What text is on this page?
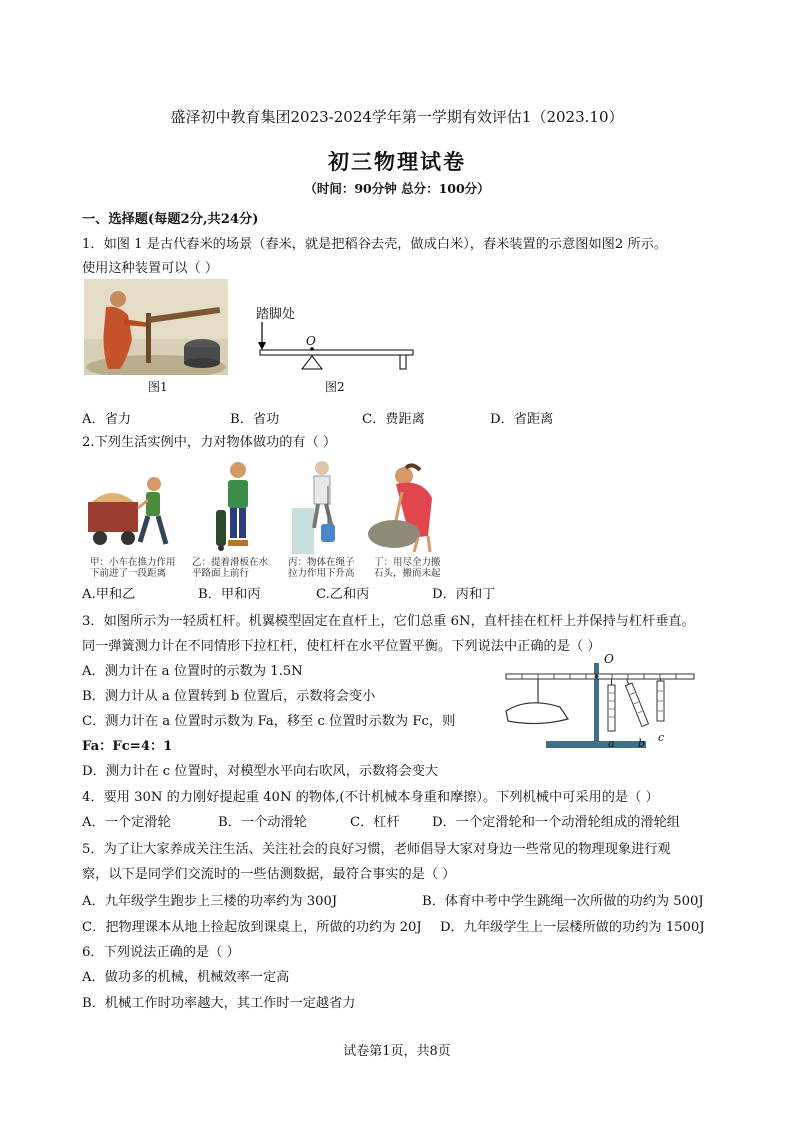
盛泽初中教育集团2023-2024学年第一学期有效评估1（2023.10）
初三物理试卷
（时间：90分钟 总分：100分）
一、选择题(每题2分,共24分)
1．如图 1 是古代舂米的场景（舂米，就是把稻谷去壳，做成白米），舂米装置的示意图如图2 所示。
使用这种装置可以（ ）
图1
踏脚处
O
图2
A．省力	B．省功	C．费距离	D．省距离
2.下列生活实例中，力对物体做功的有（ ）
甲：小车在推力作用
下前进了一段距离
乙：提着滑板在水
平路面上前行
丙：物体在绳子
拉力作用下升高
丁：用尽全力搬
石头，搬而未起
A.甲和乙	B．甲和丙	C.乙和丙	D．丙和丁
3．如图所示为一轻质杠杆。机翼模型固定在直杆上，它们总重 6N，直杆挂在杠杆上并保持与杠杆垂直。
同一弹簧测力计在不同情形下拉杠杆，使杠杆在水平位置平衡。下列说法中正确的是（ ）
A．测力计在 a 位置时的示数为 1.5N
B．测力计从 a 位置转到 b 位置后，示数将会变小
C．测力计在 a 位置时示数为 Fa，移至 c 位置时示数为 Fc，则
Fa：Fc=4：1
D．测力计在 c 位置时，对模型水平向右吹风，示数将会变大
O
a b c
4．要用 30N 的力刚好提起重 40N 的物体,(不计机械本身重和摩擦）。下列机械中可采用的是（ ）
A．一个定滑轮	B．一个动滑轮	C．杠杆 D．一个定滑轮和一个动滑轮组成的滑轮组
5．为了让大家养成关注生活、关注社会的良好习惯，老师倡导大家对身边一些常见的物理现象进行观
察，以下是同学们交流时的一些估测数据，最符合事实的是（ ）
A．九年级学生跑步上三楼的功率约为 300J	B．体育中考中学生跳绳一次所做的功约为 500J
C．把物理课本从地上捡起放到课桌上，所做的功约为 20J D．九年级学生上一层楼所做的功约为 1500J
6．下列说法正确的是（ ）
A．做功多的机械，机械效率一定高
B．机械工作时功率越大，其工作时一定越省力
试卷第1页，共8页
